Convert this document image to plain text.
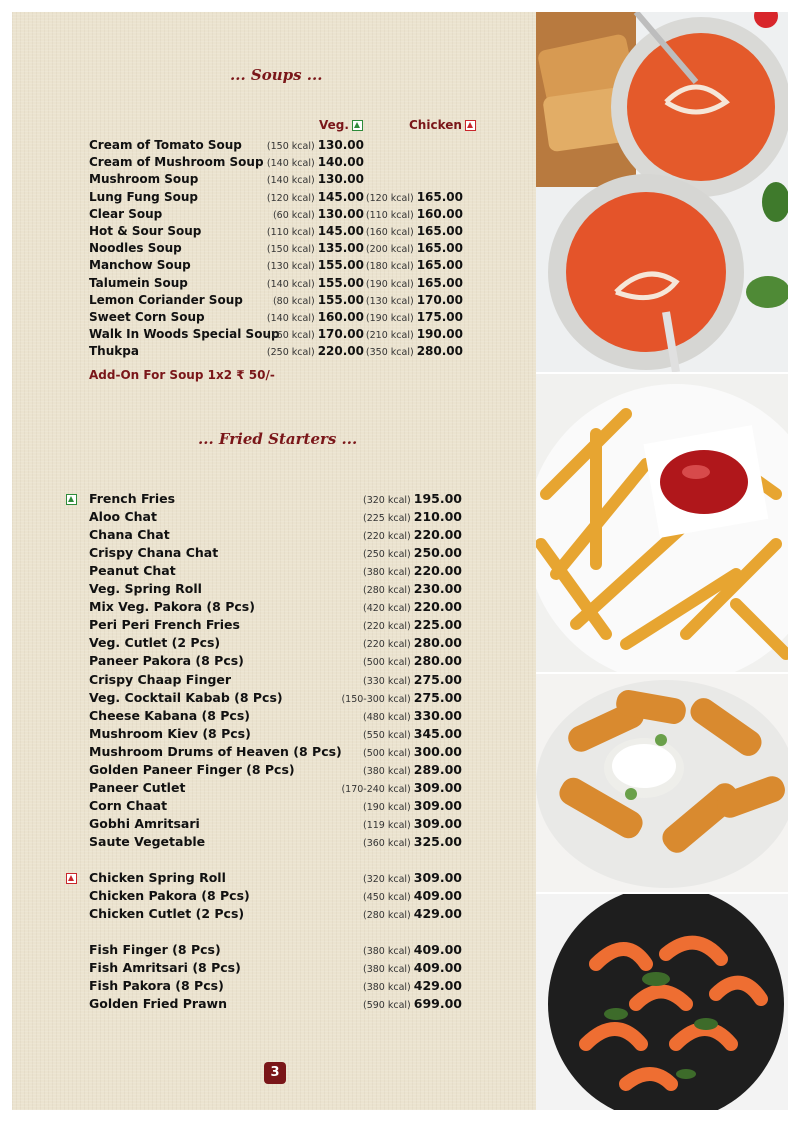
... Soups ...
Veg.	Chicken
Cream of Tomato Soup	(150 kcal) 130.00
Cream of Mushroom Soup (140 kcal) 140.00
Mushroom Soup	(140 kcal) 130.00
Lung Fung Soup	(120 kcal) 145.00 (120 kcal) 165.00
Clear Soup	(60 kcal) 130.00 (110 kcal) 160.00
Hot & Sour Soup	(110 kcal) 145.00 (160 kcal) 165.00
Noodles Soup	(150 kcal) 135.00 (200 kcal) 165.00
Manchow Soup	(130 kcal) 155.00 (180 kcal) 165.00
Talumein Soup	(140 kcal) 155.00 (190 kcal) 165.00
Lemon Coriander Soup	(80 kcal) 155.00 (130 kcal) 170.00
Sweet Corn Soup	(140 kcal) 160.00 (190 kcal) 175.00
Walk In Woods Special Soup
(160 kcal) 170.00 (210 kcal) 190.00
Thukpa	(250 kcal) 220.00 (350 kcal) 280.00
Add-On For Soup 1x2 ₹ 50/-
... Fried Starters ...
French Fries	(320 kcal) 195.00
Aloo Chat	(225 kcal) 210.00
Chana Chat	(220 kcal) 220.00
Crispy Chana Chat	(250 kcal) 250.00
Peanut Chat	(380 kcal) 220.00
Veg. Spring Roll	(280 kcal) 230.00
Mix Veg. Pakora (8 Pcs)	(420 kcal) 220.00
Peri Peri French Fries	(220 kcal) 225.00
Veg. Cutlet (2 Pcs)	(220 kcal) 280.00
Paneer Pakora (8 Pcs)	(500 kcal) 280.00
Crispy Chaap Finger	(330 kcal) 275.00
Veg. Cocktail Kabab (8 Pcs)	(150-300 kcal) 275.00
Cheese Kabana (8 Pcs)	(480 kcal) 330.00
Mushroom Kiev (8 Pcs)	(550 kcal) 345.00
Mushroom Drums of Heaven (8 Pcs) (500 kcal) 300.00
Golden Paneer Finger (8 Pcs)	(380 kcal) 289.00
Paneer Cutlet	(170-240 kcal) 309.00
Corn Chaat	(190 kcal) 309.00
Gobhi Amritsari	(119 kcal) 309.00
Saute Vegetable	(360 kcal) 325.00
Chicken Spring Roll	(320 kcal) 309.00
Chicken Pakora (8 Pcs)	(450 kcal) 409.00
Chicken Cutlet (2 Pcs)	(280 kcal) 429.00
Fish Finger (8 Pcs)	(380 kcal) 409.00
Fish Amritsari (8 Pcs)	(380 kcal) 409.00
Fish Pakora (8 Pcs)	(380 kcal) 429.00
Golden Fried Prawn	(590 kcal) 699.00
3
